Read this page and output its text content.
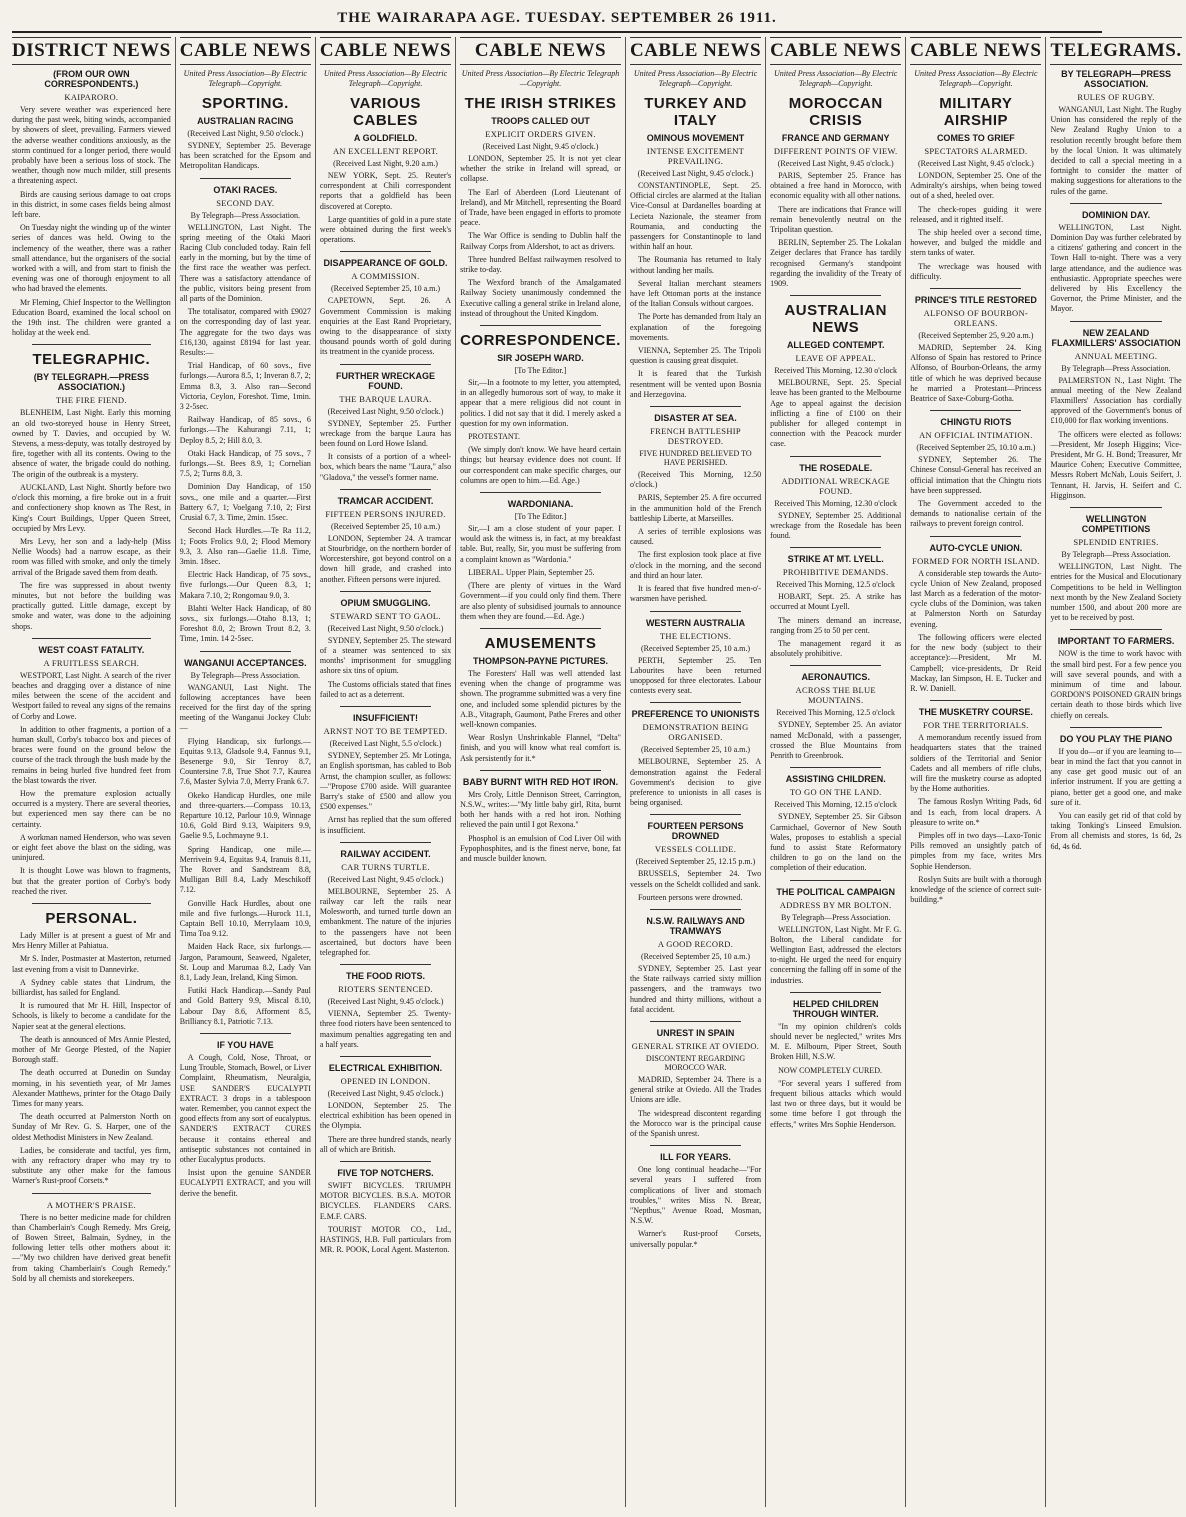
THE WAIRARAPA AGE. TUESDAY. SEPTEMBER 26 1911.
DISTRICT NEWS
(FROM OUR OWN CORRESPONDENTS.)
KAIPARORO.

Very severe weather was experienced here during the past week, biting winds, accompanied by showers of sleet, prevailing. Farmers viewed the adverse weather conditions anxiously, as the storm continued for a longer period, there would probably have been a serious loss of stock. The weather, though now much milder, still presents a threatening aspect.

Birds are causing serious damage to oat crops in this district, in some cases fields being almost left bare.

On Tuesday night the winding up of the winter series of dances was held. Owing to the inclemency of the weather, there was a rather small attendance, but the organisers of the social worked with a will, and from start to finish the evening was one of thorough enjoyment to all who had braved the elements.

Mr Fleming, Chief Inspector to the Wellington Education Board, examined the local school on the 19th inst. The children were granted a holiday at the week end.

TELEGRAPHIC.
(BY TELEGRAPH.—PRESS ASSOCIATION.)
THE FIRE FIEND.

BLENHEIM, Last Night. Early this morning an old two-storeyed house in Henry Street, owned by T. Davies, and occupied by W. Stevens, a mess-deputy, was totally destroyed by fire, together with all its contents. Owing to the absence of water, the brigade could do nothing. The origin of the outbreak is a mystery.

AUCKLAND, Last Night. Shortly before two o'clock this morning, a fire broke out in a fruit and confectionery shop known as The Rest, in King's Court Buildings, Upper Queen Street, occupied by Mrs Levy.

Mrs Levy, her son and a lady-help (Miss Nellie Woods) had a narrow escape, as their room was filled with smoke, and only the timely arrival of the Brigade saved them from death.

The fire was suppressed in about twenty minutes, but not before the building was practically gutted. Little damage, except by smoke and water, was done to the adjoining shops.

WEST COAST FATALITY.
A FRUITLESS SEARCH.

WESTPORT, Last Night. A search of the river beaches and dragging over a distance of nine miles between the scene of the accident and Westport failed to reveal any signs of the remains of Corby and Lowe.

In addition to other fragments, a portion of a human skull, Corby's tobacco box and pieces of braces were found on the ground below the course of the track through the bush made by the remains in being hurled five hundred feet from the blast towards the river.

How the premature explosion actually occurred is a mystery. There are several theories, but experienced men say there can be no certainty.

A workman named Henderson, who was seven or eight feet above the blast on the siding, was uninjured.

It is thought Lowe was blown to fragments, but that the greater portion of Corby's body reached the river.

PERSONAL.

Lady Miller is at present a guest of Mr and Mrs Henry Miller at Pahiatua.

Mr S. Inder, Postmaster at Masterton, returned last evening from a visit to Dannevirke.

A Sydney cable states that Lindrum, the billiardist, has sailed for England.

It is rumoured that Mr H. Hill, Inspector of Schools, is likely to become a candidate for the Napier seat at the general elections.

The death is announced of Mrs Annie Plested, mother of Mr George Plested, of the Napier Borough staff.

The death occurred at Dunedin on Sunday morning, in his seventieth year, of Mr James Alexander Matthews, printer for the Otago Daily Times for many years.

The death occurred at Palmerston North on Sunday of Mr Rev. G. S. Harper, one of the oldest Methodist Ministers in New Zealand.

Ladies, be considerate and tactful, yes firm, with any refractory draper who may try to substitute any other make for the famous Warner's Rust-proof Corsets.*

A MOTHER'S PRAISE.

There is no better medicine made for children than Chamberlain's Cough Remedy. Mrs Greig, of Bowen Street, Balmain, Sydney, in the following letter tells other mothers about it:—"My two children have derived great benefit from taking Chamberlain's Cough Remedy." Sold by all chemists and storekeepers.

CABLE NEWS
United Press Association—By Electric Telegraph—Copyright.
SPORTING.
AUSTRALIAN RACING
(Received Last Night, 9.50 o'clock.)

SYDNEY, September 25. Beverage has been scratched for the Epsom and Metropolitan Handicaps.

OTAKI RACES.
SECOND DAY.
By Telegraph—Press Association.

WELLINGTON, Last Night. The spring meeting of the Otaki Maori Racing Club concluded today. Rain fell early in the morning, but by the time of the first race the weather was perfect. There was a satisfactory attendance of the public, visitors being present from all parts of the Dominion.

The totalisator, compared with £9027 on the corresponding day of last year. The aggregate for the two days was £16,130, against £8194 for last year. Results:—

Trial Handicap, of 60 sovs., five furlongs.—Aurora 8.5, 1; Inveran 8.7, 2; Emma 8.3, 3. Also ran—Second Victoria, Ceylon, Foreshot. Time, 1min. 3 2-5sec.

Railway Handicap, of 85 sovs., 6 furlongs.—The Kahurangi 7.11, 1; Deploy 8.5, 2; Hill 8.0, 3.

Otaki Hack Handicap, of 75 sovs., 7 furlongs.—St. Bees 8.9, 1; Cornelian 7.5, 2; Turns 8.8, 3.

Dominion Day Handicap, of 150 sovs., one mile and a quarter.—First Battery 6.7, 1; Voelgang 7.10, 2; First Crusial 6.7, 3. Time, 2min. 15sec.

Second Hack Hurdles.—Te Ra 11.2, 1; Foots Frolics 9.0, 2; Flood Memory 9.3, 3. Also ran—Gaelie 11.8. Time, 3min. 18sec.

Electric Hack Handicap, of 75 sovs., five furlongs.—Our Queen 8.3, 1; Makara 7.10, 2; Rongomau 9.0, 3.

Blahti Welter Hack Handicap, of 80 sovs., six furlongs.—Otaho 8.13, 1; Foreshot 8.0, 2; Brown Trout 8.2, 3. Time, 1min. 14 2-5sec.

WANGANUI ACCEPTANCES.
By Telegraph—Press Association.

WANGANUI, Last Night. The following acceptances have been received for the first day of the spring meeting of the Wanganui Jockey Club:—

Flying Handicap, six furlongs.—Equitas 9.13, Gladsole 9.4, Fannus 9.1, Besenerge 9.0, Sir Tenroy 8.7, Countersine 7.8, True Shot 7.7, Kaurea 7.6, Master Sylvia 7.0, Merry Frank 6.7.

Okeko Handicap Hurdles, one mile and three-quarters.—Compass 10.13, Reparture 10.12, Parlour 10.9, Winnage 10.6, Gold Bird 9.13, Waipiters 9.9, Gaelie 9.5, Lochmayne 9.1.

Spring Handicap, one mile.—Merrivein 9.4, Equitas 9.4, Iranuis 8.11, The Rover and Sandstream 8.8, Mulligan Bill 8.4, Lady Meschikoff 7.12.

Gonville Hack Hurdles, about one mile and five furlongs.—Hurock 11.1, Captain Bell 10.10, Merrylaam 10.9, Tima Toa 9.12.

Maiden Hack Race, six furlongs.—Jargon, Paramount, Seaweed, Ngaleter, St. Loup and Marumaa 8.2, Lady Van 8.1, Lady Jean, Ireland, King Simon.

Futiki Hack Handicap.—Sandy Paul and Gold Battery 9.9, Miscal 8.10, Labour Day 8.6, Afforment 8.5, Brilliancy 8.1, Patriotic 7.13.

IF YOU HAVE

A Cough, Cold, Nose, Throat, or Lung Trouble, Stomach, Bowel, or Liver Complaint, Rheumatism, Neuralgia, USE SANDER'S EUCALYPTI EXTRACT. 3 drops in a tablespoon water. Remember, you cannot expect the good effects from any sort of eucalyptus. SANDER'S EXTRACT CURES because it contains ethereal and antiseptic substances not contained in other Eucalyptus products.

Insist upon the genuine SANDER EUCALYPTI EXTRACT, and you will derive the benefit.

CABLE NEWS
United Press Association—By Electric Telegraph—Copyright.
VARIOUS CABLES
A GOLDFIELD.
AN EXCELLENT REPORT.
(Received Last Night, 9.20 a.m.)

NEW YORK, Sept. 25. Reuter's correspondent at Chili correspondent reports that a goldfield has been discovered at Corepto.

Large quantities of gold in a pure state were obtained during the first week's operations.

DISAPPEARANCE OF GOLD.
A COMMISSION.
(Received September 25, 10 a.m.)

CAPETOWN, Sept. 26. A Government Commission is making enquiries at the East Rand Proprietary, owing to the disappearance of sixty thousand pounds worth of gold during its treatment in the cyanide process.

FURTHER WRECKAGE FOUND.
THE BARQUE LAURA.
(Received Last Night, 9.50 o'clock.)

SYDNEY, September 25. Further wreckage from the barque Laura has been found on Lord Howe Island.

It consists of a portion of a wheel-box, which bears the name "Laura," also "Gladova," the vessel's former name.

TRAMCAR ACCIDENT.
FIFTEEN PERSONS INJURED.
(Received September 25, 10 a.m.)

LONDON, September 24. A tramcar at Stourbridge, on the northern border of Worcestershire, got beyond control on a down hill grade, and crashed into another. Fifteen persons were injured.

OPIUM SMUGGLING.
STEWARD SENT TO GAOL.
(Received Last Night, 9.50 o'clock.)

SYDNEY, September 25. The steward of a steamer was sentenced to six months' imprisonment for smuggling ashore six tins of opium.

The Customs officials stated that fines failed to act as a deterrent.

INSUFFICIENT!
ARNST NOT TO BE TEMPTED.
(Received Last Night, 5.5 o'clock.)

SYDNEY, September 25. Mr Lotinga, an English sportsman, has cabled to Bob Arnst, the champion sculler, as follows:—"Propose £700 aside. Will guarantee Barry's stake of £500 and allow you £500 expenses."

Arnst has replied that the sum offered is insufficient.

RAILWAY ACCIDENT.
CAR TURNS TURTLE.
(Received Last Night, 9.45 o'clock.)

MELBOURNE, September 25. A railway car left the rails near Molesworth, and turned turtle down an embankment. The nature of the injuries to the passengers have not been ascertained, but doctors have been telegraphed for.

THE FOOD RIOTS.
RIOTERS SENTENCED.
(Received Last Night, 9.45 o'clock.)

VIENNA, September 25. Twenty-three food rioters have been sentenced to maximum penalties aggregating ten and a half years.

ELECTRICAL EXHIBITION.
OPENED IN LONDON.
(Received Last Night, 9.45 o'clock.)

LONDON, September 25. The electrical exhibition has been opened in the Olympia.

There are three hundred stands, nearly all of which are British.

FIVE TOP NOTCHERS.

SWIFT BICYCLES. TRIUMPH MOTOR BICYCLES. B.S.A. MOTOR BICYCLES. FLANDERS CARS. E.M.F. CARS.

TOURIST MOTOR CO., Ltd., HASTINGS, H.B. Full particulars from MR. R. POOK, Local Agent. Masterton.

CABLE NEWS
United Press Association—By Electric Telegraph—Copyright.
THE IRISH STRIKES
TROOPS CALLED OUT
EXPLICIT ORDERS GIVEN.
(Received Last Night, 9.45 o'clock.)

LONDON, September 25. It is not yet clear whether the strike in Ireland will spread, or collapse.

The Earl of Aberdeen (Lord Lieutenant of Ireland), and Mr Mitchell, representing the Board of Trade, have been engaged in efforts to promote peace.

The War Office is sending to Dublin half the Railway Corps from Aldershot, to act as drivers.

Three hundred Belfast railwaymen resolved to strike to-day.

The Wexford branch of the Amalgamated Railway Society unanimously condemned the Executive calling a general strike in Ireland alone, instead of throughout the United Kingdom.

CORRESPONDENCE.
SIR JOSEPH WARD.
[To The Editor.]

Sir,—In a footnote to my letter, you attempted, in an allegedly humorous sort of way, to make it appear that a mere religious did not count in politics. I did not say that it did. I merely asked a question for my own information.

PROTESTANT.

(We simply don't know. We have heard certain things; but hearsay evidence does not count. If our correspondent can make specific charges, our columns are open to him.—Ed. Age.)

WARDONIANA.
[To The Editor.]

Sir,—I am a close student of your paper. I would ask the witness is, in fact, at my breakfast table. But, really, Sir, you must be suffering from a complaint known as "Wardonia."

LIBERAL. Upper Plain, September 25.

(There are plenty of virtues in the Ward Government—if you could only find them. There are also plenty of subsidised journals to announce them when they are found.—Ed. Age.)

AMUSEMENTS
THOMPSON-PAYNE PICTURES.

The Foresters' Hall was well attended last evening when the change of programme was shown. The programme submitted was a very fine one, and included some splendid pictures by the A.B., Vitagraph, Gaumont, Pathe Freres and other well-known companies.

Wear Roslyn Unshrinkable Flannel, "Delta" finish, and you will know what real comfort is. Ask persistently for it.*

BABY BURNT WITH RED HOT IRON.

Mrs Croly, Little Dennison Street, Carrington, N.S.W., writes:—"My little baby girl, Rita, burnt both her hands with a red hot iron. Nothing relieved the pain until I got Rexona."

Phosphol is an emulsion of Cod Liver Oil with Fypophosphites, and is the finest nerve, bone, fat and muscle builder known.

CABLE NEWS
United Press Association—By Electric Telegraph—Copyright.
TURKEY AND ITALY
OMINOUS MOVEMENT
INTENSE EXCITEMENT PREVAILING.
(Received Last Night, 9.45 o'clock.)

CONSTANTINOPLE, Sept. 25. Official circles are alarmed at the Italian Vice-Consul at Dardanelles boarding at Lecieta Nazionale, the steamer from Roumania, and conducting the passengers for Constantinople to land within half an hour.

The Roumania has returned to Italy without landing her mails.

Several Italian merchant steamers have left Ottoman ports at the instance of the Italian Consuls without cargoes.

The Porte has demanded from Italy an explanation of the foregoing movements.

VIENNA, September 25. The Tripoli question is causing great disquiet.

It is feared that the Turkish resentment will be vented upon Bosnia and Herzegovina.

DISASTER AT SEA.
FRENCH BATTLESHIP DESTROYED.
FIVE HUNDRED BELIEVED TO HAVE PERISHED.

(Received This Morning, 12.50 o'clock.)

PARIS, September 25. A fire occurred in the ammunition hold of the French battleship Liberte, at Marseilles.

A series of terrible explosions was caused.

The first explosion took place at five o'clock in the morning, and the second and third an hour later.

It is feared that five hundred men-o'-warsmen have perished.

WESTERN AUSTRALIA
THE ELECTIONS.
(Received September 25, 10 a.m.)

PERTH, September 25. Ten Labourites have been returned unopposed for three electorates. Labour contests every seat.

PREFERENCE TO UNIONISTS
DEMONSTRATION BEING ORGANISED.
(Received September 25, 10 a.m.)

MELBOURNE, September 25. A demonstration against the Federal Government's decision to give preference to unionists in all cases is being organised.

FOURTEEN PERSONS DROWNED
VESSELS COLLIDE.
(Received September 25, 12.15 p.m.)

BRUSSELS, September 24. Two vessels on the Scheldt collided and sank.

Fourteen persons were drowned.

N.S.W. RAILWAYS AND TRAMWAYS
A GOOD RECORD.
(Received September 25, 10 a.m.)

SYDNEY, September 25. Last year the State railways carried sixty million passengers, and the tramways two hundred and thirty millions, without a fatal accident.

UNREST IN SPAIN
GENERAL STRIKE AT OVIEDO.
DISCONTENT REGARDING MOROCCO WAR.

MADRID, September 24. There is a general strike at Oviedo. All the Trades Unions are idle.

The widespread discontent regarding the Morocco war is the principal cause of the Spanish unrest.

ILL FOR YEARS.

One long continual headache—"For several years I suffered from complications of liver and stomach troubles," writes Miss N. Brear, "Nepthus," Avenue Road, Mosman, N.S.W.

Warner's Rust-proof Corsets, universally popular.*

CABLE NEWS
United Press Association—By Electric Telegraph—Copyright.
MOROCCAN CRISIS
FRANCE AND GERMANY
DIFFERENT POINTS OF VIEW.
(Received Last Night, 9.45 o'clock.)

PARIS, September 25. France has obtained a free hand in Morocco, with economic equality with all other nations.

There are indications that France will remain benevolently neutral on the Tripolitan question.

BERLIN, September 25. The Lokalan Zeiger declares that France has tardily recognised Germany's standpoint regarding the invalidity of the Treaty of 1909.

AUSTRALIAN NEWS
ALLEGED CONTEMPT.
LEAVE OF APPEAL.
Received This Morning, 12.30 o'clock

MELBOURNE, Sept. 25. Special leave has been granted to the Melbourne Age to appeal against the decision inflicting a fine of £100 on their publisher for alleged contempt in connection with the Peacock murder case.

THE ROSEDALE.
ADDITIONAL WRECKAGE FOUND.
Received This Morning, 12.30 o'clock

SYDNEY, September 25. Additional wreckage from the Rosedale has been found.

STRIKE AT MT. LYELL.
PROHIBITIVE DEMANDS.
Received This Morning, 12.5 o'clock

HOBART, Sept. 25. A strike has occurred at Mount Lyell.

The miners demand an increase, ranging from 25 to 50 per cent.

The management regard it as absolutely prohibitive.

AERONAUTICS.
ACROSS THE BLUE MOUNTAINS.
Received This Morning, 12.5 o'clock

SYDNEY, September 25. An aviator named McDonald, with a passenger, crossed the Blue Mountains from Penrith to Greenbrook.

ASSISTING CHILDREN.
TO GO ON THE LAND.
Received This Morning, 12.15 o'clock

SYDNEY, September 25. Sir Gibson Carmichael, Governor of New South Wales, proposes to establish a special fund to assist State Reformatory children to go on the land on the completion of their education.

THE POLITICAL CAMPAIGN
ADDRESS BY MR BOLTON.
By Telegraph—Press Association.

WELLINGTON, Last Night. Mr F. G. Bolton, the Liberal candidate for Wellington East, addressed the electors to-night. He urged the need for enquiry concerning the falling off in some of the industries.

HELPED CHILDREN THROUGH WINTER.

"In my opinion children's colds should never be neglected," writes Mrs M. E. Milbourn, Piper Street, South Broken Hill, N.S.W.

NOW COMPLETELY CURED.

"For several years I suffered from frequent bilious attacks which would last two or three days, but it would be some time before I got through the effects," writes Mrs Sophie Henderson.

CABLE NEWS
United Press Association—By Electric Telegraph—Copyright.
MILITARY AIRSHIP
COMES TO GRIEF
SPECTATORS ALARMED.
(Received Last Night, 9.45 o'clock.)

LONDON, September 25. One of the Admiralty's airships, when being towed out of a shed, heeled over.

The check-ropes guiding it were released, and it righted itself.

The ship heeled over a second time, however, and bulged the middle and stern tanks of water.

The wreckage was housed with difficulty.

PRINCE'S TITLE RESTORED
ALFONSO OF BOURBON-ORLEANS.
(Received September 25, 9.20 a.m.)

MADRID, September 24. King Alfonso of Spain has restored to Prince Alfonso, of Bourbon-Orleans, the army title of which he was deprived because he married a Protestant—Princess Beatrice of Saxe-Coburg-Gotha.

CHINGTU RIOTS
AN OFFICIAL INTIMATION.
(Received September 25, 10.10 a.m.)

SYDNEY, September 26. The Chinese Consul-General has received an official intimation that the Chingtu riots have been suppressed.

The Government acceded to the demands to nationalise certain of the railways to prevent foreign control.

AUTO-CYCLE UNION.
FORMED FOR NORTH ISLAND.

A considerable step towards the Auto-cycle Union of New Zealand, proposed last March as a federation of the motor-cycle clubs of the Dominion, was taken at Palmerston North on Saturday evening.

The following officers were elected for the new body (subject to their acceptance):—President, Mr M. Campbell; vice-presidents, Dr Reid Mackay, Ian Simpson, H. E. Tucker and R. W. Daniell.

THE MUSKETRY COURSE.
FOR THE TERRITORIALS.

A memorandum recently issued from headquarters states that the trained soldiers of the Territorial and Senior Cadets and all members of rifle clubs, will fire the musketry course as adopted by the Home authorities.

The famous Roslyn Writing Pads, 6d and 1s each, from local drapers. A pleasure to write on.*

Pimples off in two days—Laxo-Tonic Pills removed an unsightly patch of pimples from my face, writes Mrs Sophie Henderson.

Roslyn Suits are built with a thorough knowledge of the science of correct suit-building.*

TELEGRAMS.
BY TELEGRAPH—PRESS ASSOCIATION.
RULES OF RUGBY.

WANGANUI, Last Night. The Rugby Union has considered the reply of the New Zealand Rugby Union to a resolution recently brought before them by the local Union. It was ultimately decided to call a special meeting in a fortnight to consider the matter of making suggestions for alterations to the rules of the game.

DOMINION DAY.

WELLINGTON, Last Night. Dominion Day was further celebrated by a citizens' gathering and concert in the Town Hall to-night. There was a very large attendance, and the audience was enthusiastic. Appropriate speeches were delivered by His Excellency the Governor, the Prime Minister, and the Mayor.

NEW ZEALAND FLAXMILLERS' ASSOCIATION
ANNUAL MEETING.
By Telegraph—Press Association.

PALMERSTON N., Last Night. The annual meeting of the New Zealand Flaxmillers' Association has cordially approved of the Government's bonus of £10,000 for flax working inventions.

The officers were elected as follows:—President, Mr Joseph Higgins; Vice-President, Mr G. H. Bond; Treasurer, Mr Maurice Cohen; Executive Committee, Messrs Robert McNab, Louis Seifert, J. Tennant, H. Jarvis, H. Seifert and C. Higginson.

WELLINGTON COMPETITIONS
SPLENDID ENTRIES.
By Telegraph—Press Association.

WELLINGTON, Last Night. The entries for the Musical and Elocutionary Competitions to be held in Wellington next month by the New Zealand Society number 1500, and about 200 more are yet to be received by post.

IMPORTANT TO FARMERS.

NOW is the time to work havoc with the small bird pest. For a few pence you will save several pounds, and with a minimum of time and labour. GORDON'S POISONED GRAIN brings certain death to those birds which live chiefly on cereals.

DO YOU PLAY THE PIANO

If you do—or if you are learning to—bear in mind the fact that you cannot in any case get good music out of an inferior instrument. If you are getting a piano, better get a good one, and make sure of it.

You can easily get rid of that cold by taking Tonking's Linseed Emulsion. From all chemists and stores, 1s 6d, 2s 6d, 4s 6d.
